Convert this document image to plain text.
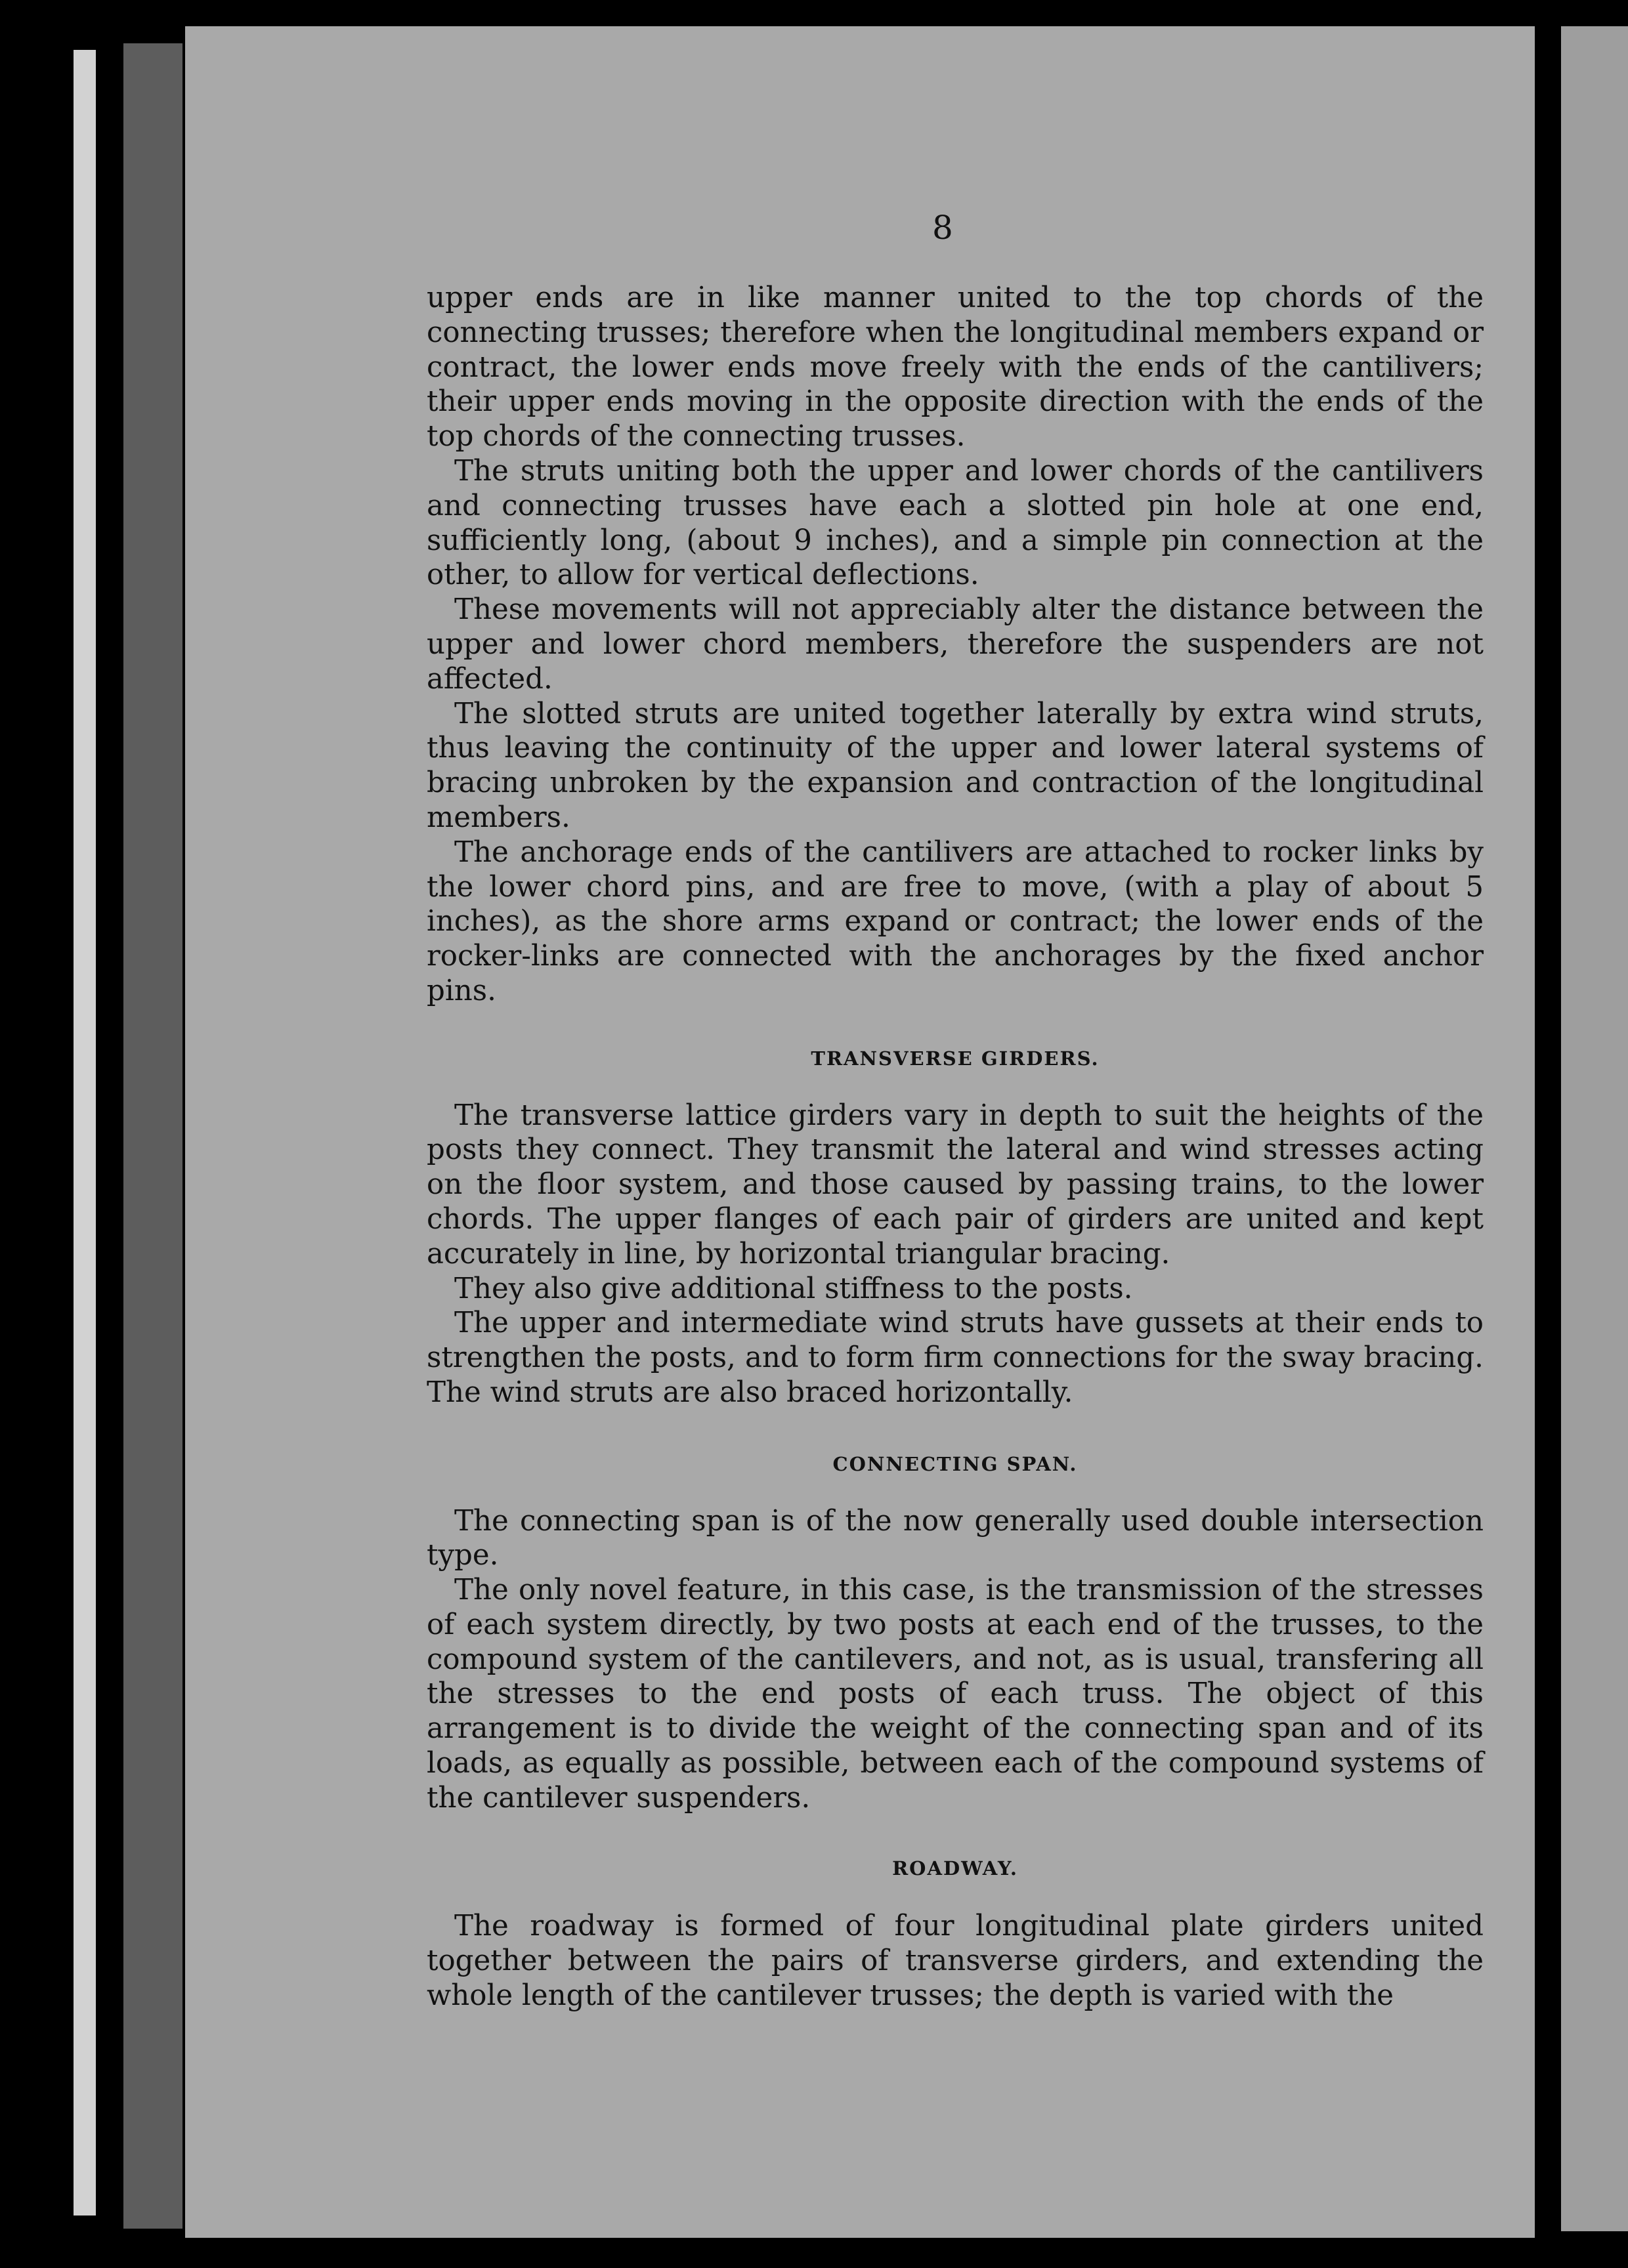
8

upper ends are in like manner united to the top chords of the connecting trusses; therefore when the longitudinal members expand or contract, the lower ends move freely with the ends of the cantilivers; their upper ends moving in the opposite direction with the ends of the top chords of the connecting trusses.

The struts uniting both the upper and lower chords of the cantilivers and connecting trusses have each a slotted pin hole at one end, sufficiently long, (about 9 inches), and a simple pin connection at the other, to allow for vertical deflections.

These movements will not appreciably alter the distance between the upper and lower chord members, therefore the suspenders are not affected.

The slotted struts are united together laterally by extra wind struts, thus leaving the continuity of the upper and lower lateral systems of bracing unbroken by the expansion and contraction of the longitudinal members.

The anchorage ends of the cantilivers are attached to rocker links by the lower chord pins, and are free to move, (with a play of about 5 inches), as the shore arms expand or contract; the lower ends of the rocker-links are connected with the anchorages by the fixed anchor pins.

TRANSVERSE GIRDERS.

The transverse lattice girders vary in depth to suit the heights of the posts they connect. They transmit the lateral and wind stresses acting on the floor system, and those caused by passing trains, to the lower chords. The upper flanges of each pair of girders are united and kept accurately in line, by horizontal triangular bracing.

They also give additional stiffness to the posts.

The upper and intermediate wind struts have gussets at their ends to strengthen the posts, and to form firm connections for the sway bracing. The wind struts are also braced horizontally.

CONNECTING SPAN.

The connecting span is of the now generally used double intersection type.

The only novel feature, in this case, is the transmission of the stresses of each system directly, by two posts at each end of the trusses, to the compound system of the cantilevers, and not, as is usual, transfering all the stresses to the end posts of each truss. The object of this arrangement is to divide the weight of the connecting span and of its loads, as equally as possible, between each of the compound systems of the cantilever suspenders.

ROADWAY.

The roadway is formed of four longitudinal plate girders united together between the pairs of transverse girders, and extending the whole length of the cantilever trusses; the depth is varied with the
